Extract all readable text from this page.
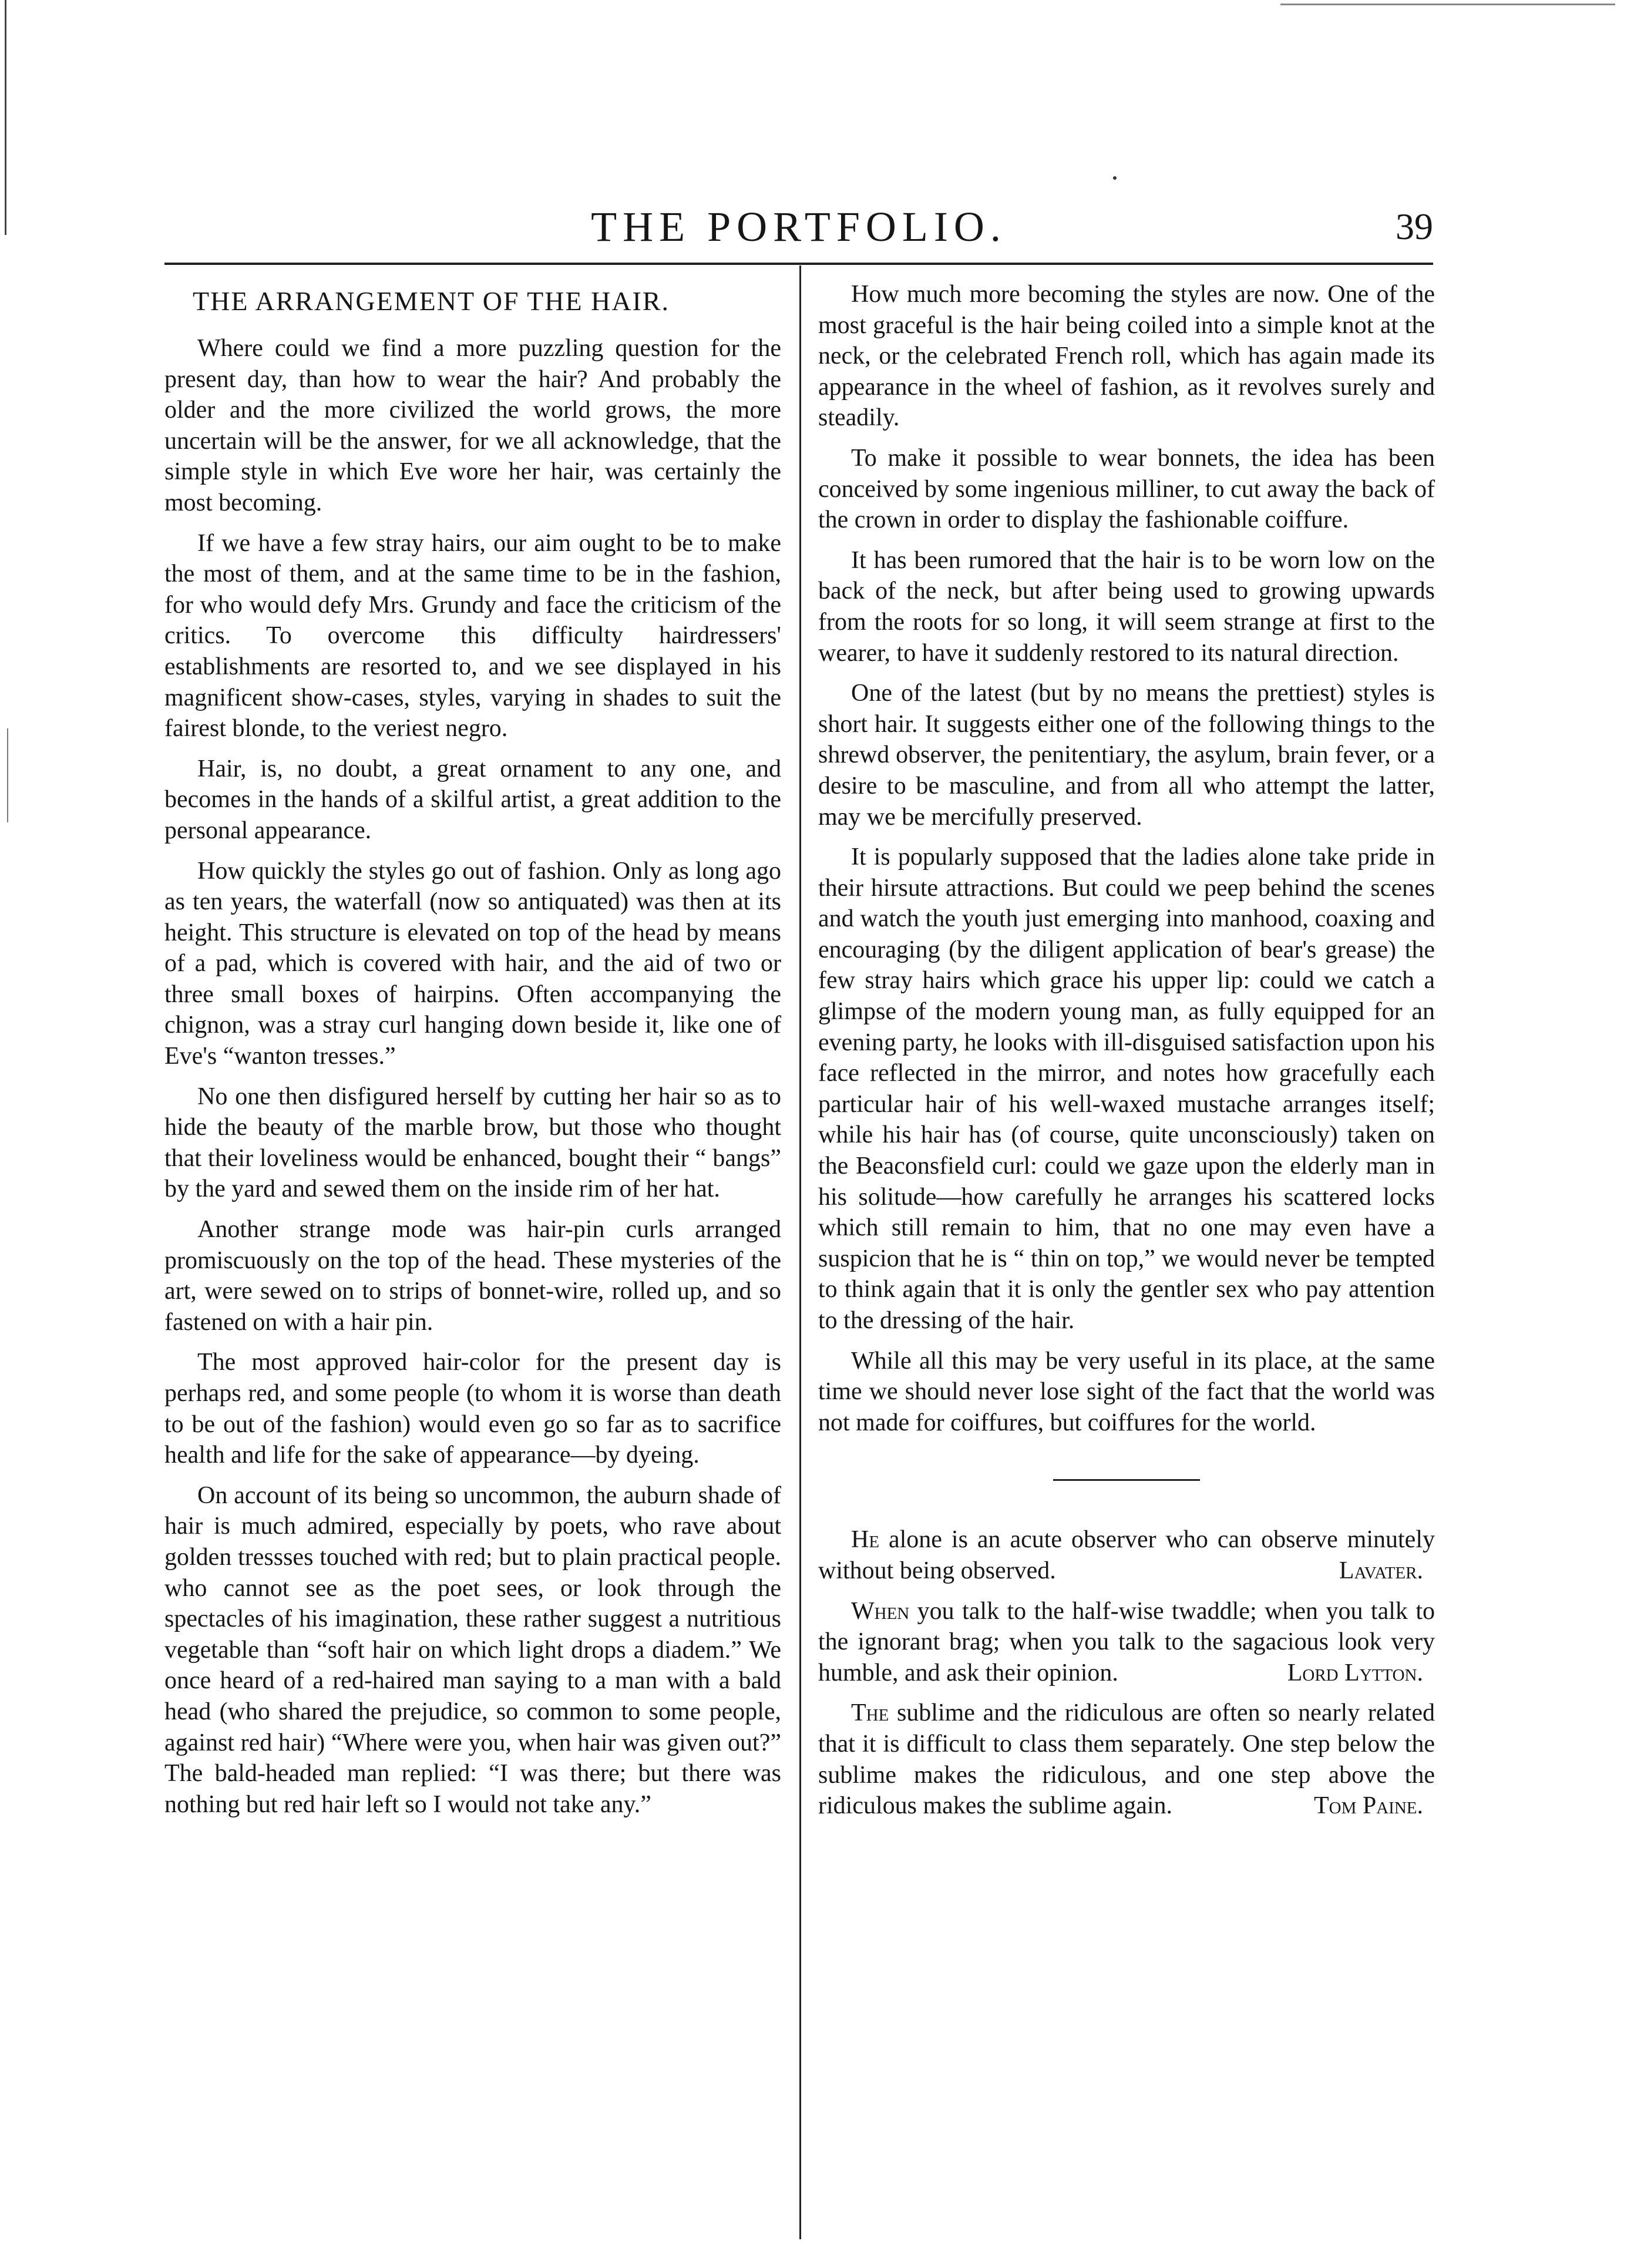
THE PORTFOLIO.	39
THE ARRANGEMENT OF THE HAIR.

Where could we find a more puzzling question for the present day, than how to wear the hair? And probably the older and the more civilized the world grows, the more uncertain will be the answer, for we all acknowledge, that the simple style in which Eve wore her hair, was certainly the most becoming.

If we have a few stray hairs, our aim ought to be to make the most of them, and at the same time to be in the fashion, for who would defy Mrs. Grundy and face the criticism of the critics. To overcome this difficulty hairdressers' establishments are resorted to, and we see displayed in his magnificent show-cases, styles, varying in shades to suit the fairest blonde, to the veriest negro.

Hair, is, no doubt, a great ornament to any one, and becomes in the hands of a skilful artist, a great addition to the personal appearance.

How quickly the styles go out of fashion. Only as long ago as ten years, the waterfall (now so antiquated) was then at its height. This structure is elevated on top of the head by means of a pad, which is covered with hair, and the aid of two or three small boxes of hairpins. Often accompanying the chignon, was a stray curl hanging down beside it, like one of Eve's “wanton tresses.”

No one then disfigured herself by cutting her hair so as to hide the beauty of the marble brow, but those who thought that their loveliness would be enhanced, bought their “ bangs” by the yard and sewed them on the inside rim of her hat.

Another strange mode was hair-pin curls arranged promiscuously on the top of the head. These mysteries of the art, were sewed on to strips of bonnet-wire, rolled up, and so fastened on with a hair pin.

The most approved hair-color for the present day is perhaps red, and some people (to whom it is worse than death to be out of the fashion) would even go so far as to sacrifice health and life for the sake of appearance—by dyeing.

On account of its being so uncommon, the auburn shade of hair is much admired, especially by poets, who rave about golden tressses touched with red; but to plain practical people. who cannot see as the poet sees, or look through the spectacles of his imagination, these rather suggest a nutritious vegetable than “soft hair on which light drops a diadem.” We once heard of a red-haired man saying to a man with a bald head (who shared the prejudice, so common to some people, against red hair) “Where were you, when hair was given out?” The bald-headed man replied: “I was there; but there was nothing but red hair left so I would not take any.”

How much more becoming the styles are now. One of the most graceful is the hair being coiled into a simple knot at the neck, or the celebrated French roll, which has again made its appearance in the wheel of fashion, as it revolves surely and steadily.

To make it possible to wear bonnets, the idea has been conceived by some ingenious milliner, to cut away the back of the crown in order to display the fashionable coiffure.

It has been rumored that the hair is to be worn low on the back of the neck, but after being used to growing upwards from the roots for so long, it will seem strange at first to the wearer, to have it suddenly restored to its natural direction.

One of the latest (but by no means the prettiest) styles is short hair. It suggests either one of the following things to the shrewd observer, the penitentiary, the asylum, brain fever, or a desire to be masculine, and from all who attempt the latter, may we be mercifully preserved.

It is popularly supposed that the ladies alone take pride in their hirsute attractions. But could we peep behind the scenes and watch the youth just emerging into manhood, coaxing and encouraging (by the diligent application of bear's grease) the few stray hairs which grace his upper lip: could we catch a glimpse of the modern young man, as fully equipped for an evening party, he looks with ill-disguised satisfaction upon his face reflected in the mirror, and notes how gracefully each particular hair of his well-waxed mustache arranges itself; while his hair has (of course, quite unconsciously) taken on the Beaconsfield curl: could we gaze upon the elderly man in his solitude—how carefully he arranges his scattered locks which still remain to him, that no one may even have a suspicion that he is “ thin on top,” we would never be tempted to think again that it is only the gentler sex who pay attention to the dressing of the hair.

While all this may be very useful in its place, at the same time we should never lose sight of the fact that the world was not made for coiffures, but coiffures for the world.

He alone is an acute observer who can observe minutely without being observed.	Lavater.

When you talk to the half-wise twaddle; when you talk to the ignorant brag; when you talk to the sagacious look very humble, and ask their opinion.	Lord Lytton.

The sublime and the ridiculous are often so nearly related that it is difficult to class them separately. One step below the sublime makes the ridiculous, and one step above the ridiculous makes the sublime again.	Tom Paine.
